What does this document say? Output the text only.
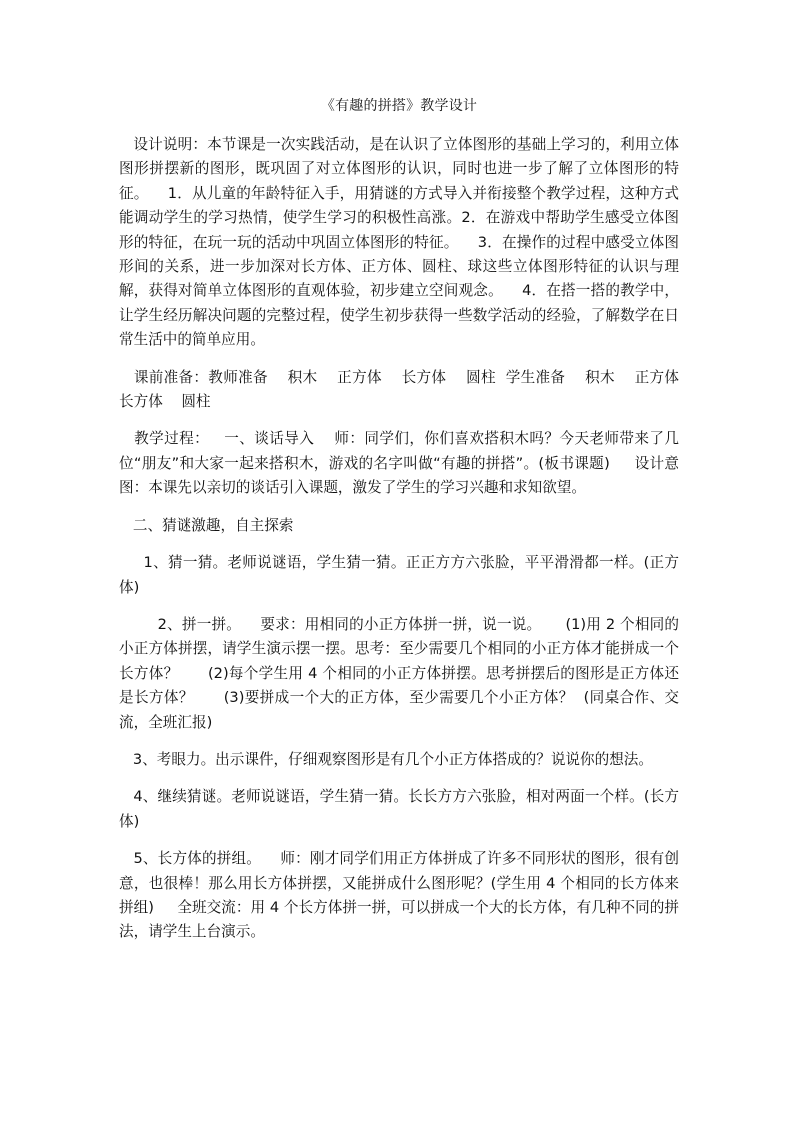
《有趣的拼搭》教学设计

设计说明：本节课是一次实践活动，是在认识了立体图形的基础上学习的，利用立体图形拼摆新的图形，既巩固了对立体图形的认识，同时也进一步了解了立体图形的特征。    1．从儿童的年龄特征入手，用猜谜的方式导入并衔接整个教学过程，这种方式能调动学生的学习热情，使学生学习的积极性高涨。2．在游戏中帮助学生感受立体图形的特征，在玩一玩的活动中巩固立体图形的特征。    3．在操作的过程中感受立体图形间的关系，进一步加深对长方体、正方体、圆柱、球这些立体图形特征的认识与理解，获得对简单立体图形的直观体验，初步建立空间观念。    4．在搭一搭的教学中，让学生经历解决问题的完整过程，使学生初步获得一些数学活动的经验，了解数学在日常生活中的简单应用。

课前准备：教师准备    积木    正方体    长方体    圆柱  学生准备    积木    正方体    长方体    圆柱

教学过程：   一、谈话导入    师：同学们，你们喜欢搭积木吗？今天老师带来了几位“朋友”和大家一起来搭积木，游戏的名字叫做“有趣的拼搭”。(板书课题)     设计意图：本课先以亲切的谈话引入课题，激发了学生的学习兴趣和求知欲望。

二、猜谜激趣，自主探索

1、猜一猜。老师说谜语，学生猜一猜。正正方方六张脸，平平滑滑都一样。(正方体)

2、拼一拼。    要求：用相同的小正方体拼一拼，说一说。     (1)用 2 个相同的小正方体拼摆，请学生演示摆一摆。思考：至少需要几个相同的小正方体才能拼成一个长方体？      (2)每个学生用 4 个相同的小正方体拼摆。思考拼摆后的图形是正方体还是长方体？      (3)要拼成一个大的正方体，至少需要几个小正方体？  (同桌合作、交流，全班汇报)

3、考眼力。出示课件，仔细观察图形是有几个小正方体搭成的？说说你的想法。

4、继续猜谜。老师说谜语，学生猜一猜。长长方方六张脸，相对两面一个样。(长方体)

5、长方体的拼组。    师：刚才同学们用正方体拼成了许多不同形状的图形，很有创意，也很棒！那么用长方体拼摆，又能拼成什么图形呢？(学生用 4 个相同的长方体来拼组)     全班交流：用 4 个长方体拼一拼，可以拼成一个大的长方体，有几种不同的拼法，请学生上台演示。
